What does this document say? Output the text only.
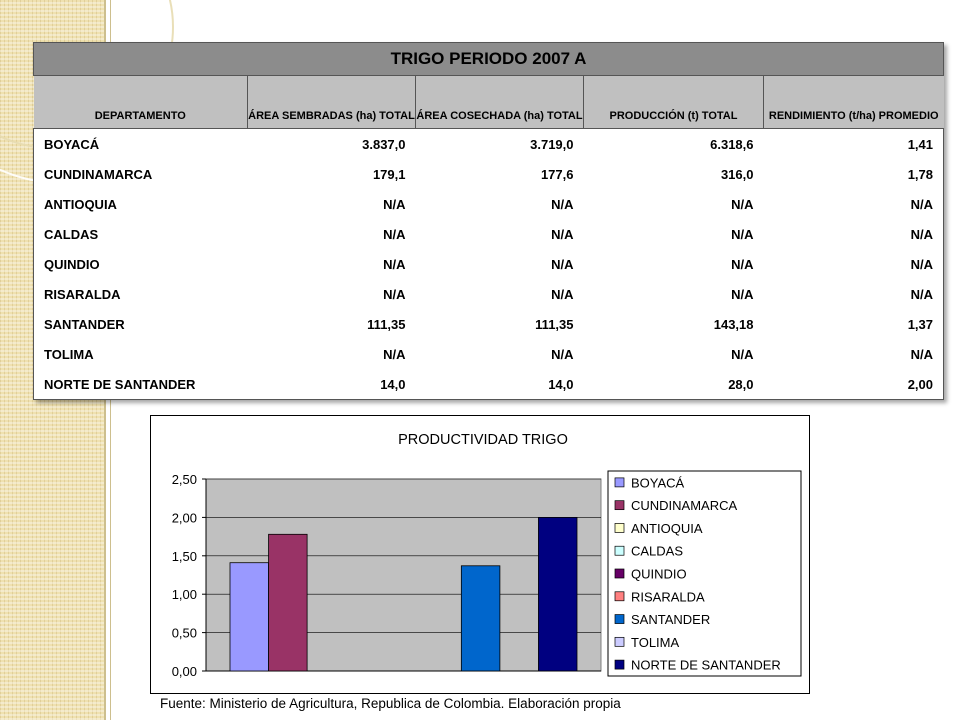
TRIGO PERIODO 2007 A				
DEPARTAMENTO	ÁREA SEMBRADAS (ha) TOTAL	ÁREA COSECHADA (ha) TOTAL	PRODUCCIÓN (t) TOTAL	RENDIMIENTO (t/ha) PROMEDIO
BOYACÁ	3.837,0	3.719,0	6.318,6	1,41
CUNDINAMARCA	179,1	177,6	316,0	1,78
ANTIOQUIA	N/A	N/A	N/A	N/A
CALDAS	N/A	N/A	N/A	N/A
QUINDIO	N/A	N/A	N/A	N/A
RISARALDA	N/A	N/A	N/A	N/A
SANTANDER	111,35	111,35	143,18	1,37
TOLIMA	N/A	N/A	N/A	N/A
NORTE DE SANTANDER	14,0	14,0	28,0	2,00
PRODUCTIVIDAD TRIGO
0,00
0,50
1,00
1,50
2,00
2,50	BOYACÁ
CUNDINAMARCA
ANTIOQUIA
CALDAS
QUINDIO
RISARALDA
SANTANDER
TOLIMA
NORTE DE SANTANDER
Fuente: Ministerio de Agricultura, Republica de Colombia. Elaboración propia
